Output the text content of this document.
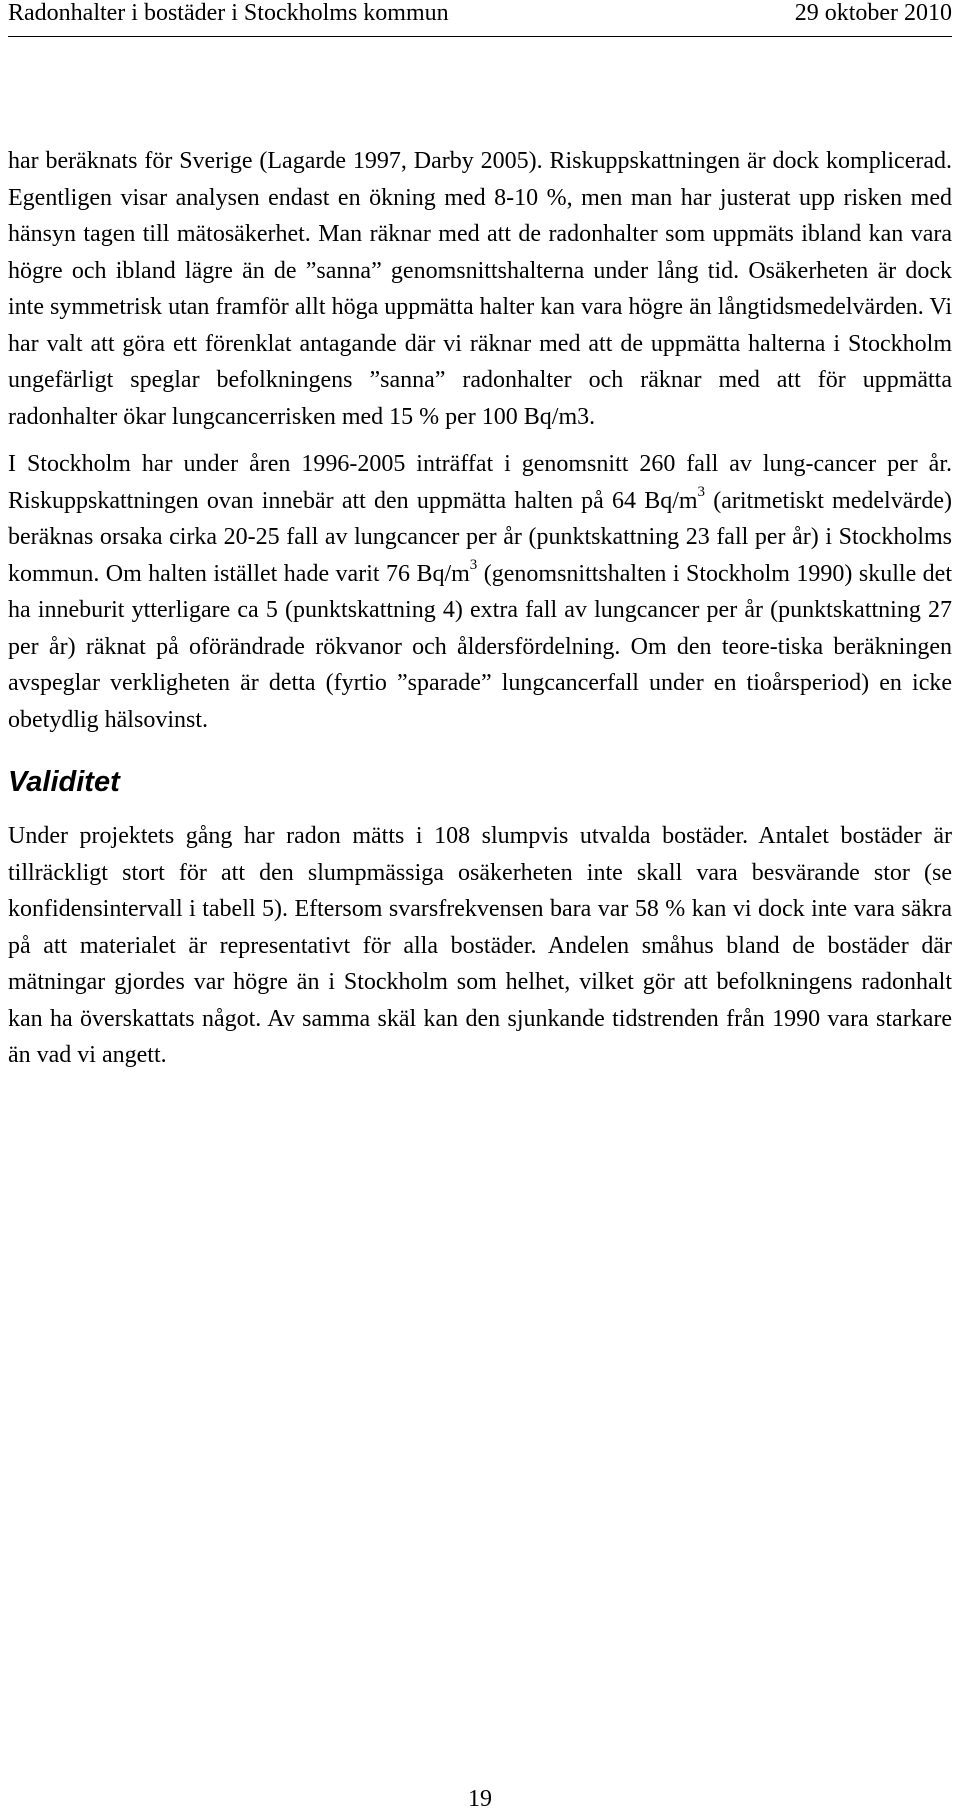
Radonhalter i bostäder i Stockholms kommun	29 oktober 2010

har beräknats för Sverige (Lagarde 1997, Darby 2005). Riskuppskattningen är dock komplicerad. Egentligen visar analysen endast en ökning med 8-10 %, men man har justerat upp risken med hänsyn tagen till mätosäkerhet. Man räknar med att de radonhalter som uppmäts ibland kan vara högre och ibland lägre än de ”sanna” genomsnittshalterna under lång tid. Osäkerheten är dock inte symmetrisk utan framför allt höga uppmätta halter kan vara högre än långtidsmedelvärden. Vi har valt att göra ett förenklat antagande där vi räknar med att de uppmätta halterna i Stockholm ungefärligt speglar befolkningens ”sanna” radonhalter och räknar med att för uppmätta radonhalter ökar lungcancerrisken med 15 % per 100 Bq/m3.

I Stockholm har under åren 1996-2005 inträffat i genomsnitt 260 fall av lung-cancer per år. Riskuppskattningen ovan innebär att den uppmätta halten på 64 $Bq/m^3$ (aritmetiskt medelvärde) beräknas orsaka cirka 20-25 fall av lungcancer per år (punktskattning 23 fall per år) i Stockholms kommun. Om halten istället hade varit 76 $Bq/m^3$ (genomsnittshalten i Stockholm 1990) skulle det ha inneburit ytterligare ca 5 (punktskattning 4) extra fall av lungcancer per år (punktskattning 27 per år) räknat på oförändrade rökvanor och åldersfördelning. Om den teore-tiska beräkningen avspeglar verkligheten är detta (fyrtio ”sparade” lungcancerfall under en tioårsperiod) en icke obetydlig hälsovinst.

Validitet

Under projektets gång har radon mätts i 108 slumpvis utvalda bostäder. Antalet bostäder är tillräckligt stort för att den slumpmässiga osäkerheten inte skall vara besvärande stor (se konfidensintervall i tabell 5). Eftersom svarsfrekvensen bara var 58 % kan vi dock inte vara säkra på att materialet är representativt för alla bostäder. Andelen småhus bland de bostäder där mätningar gjordes var högre än i Stockholm som helhet, vilket gör att befolkningens radonhalt kan ha överskattats något. Av samma skäl kan den sjunkande tidstrenden från 1990 vara starkare än vad vi angett.

19
